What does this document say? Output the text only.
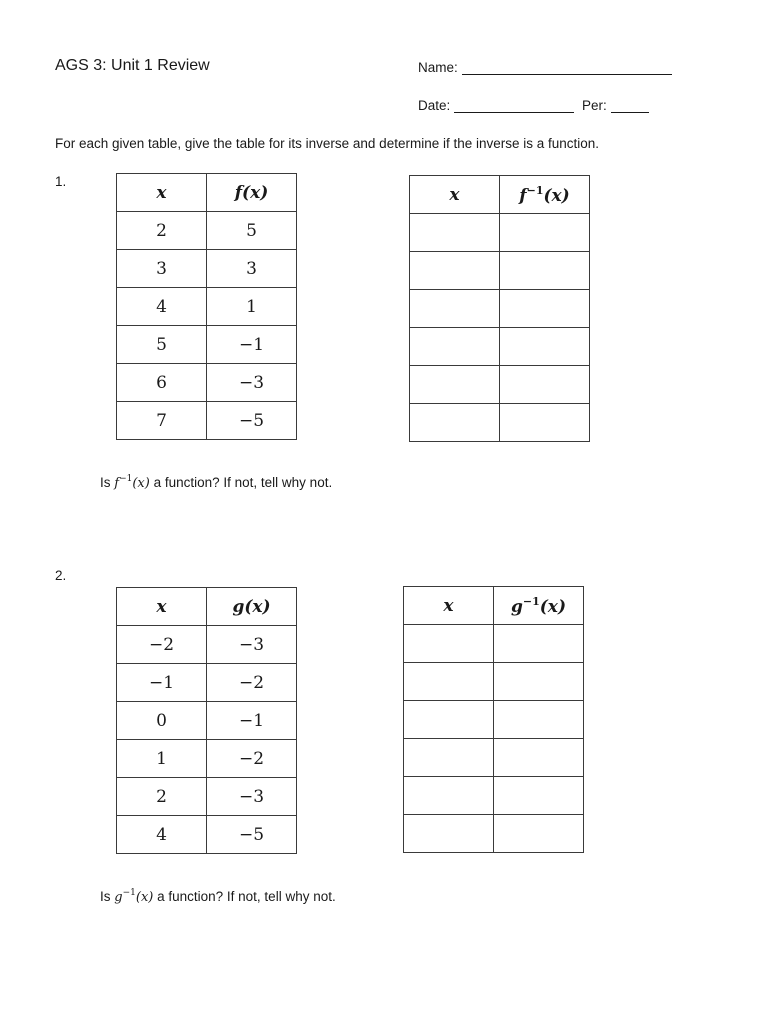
AGS 3: Unit 1 Review	Name:
Date:	Per:
For each given table, give the table for its inverse and determine if the inverse is a function.
1.
x	f(x)
2	5
3	3
4	1
5	−1
6	−3
7	−5
x	$f^{-1}(x)$

Is $f^{-1}(x)$ a function? If not, tell why not.
2.
x	g(x)
−2	−3
−1	−2
0	−1
1	−2
2	−3
4	−5
x	$g^{-1}(x)$

Is $g^{-1}(x)$ a function? If not, tell why not.
